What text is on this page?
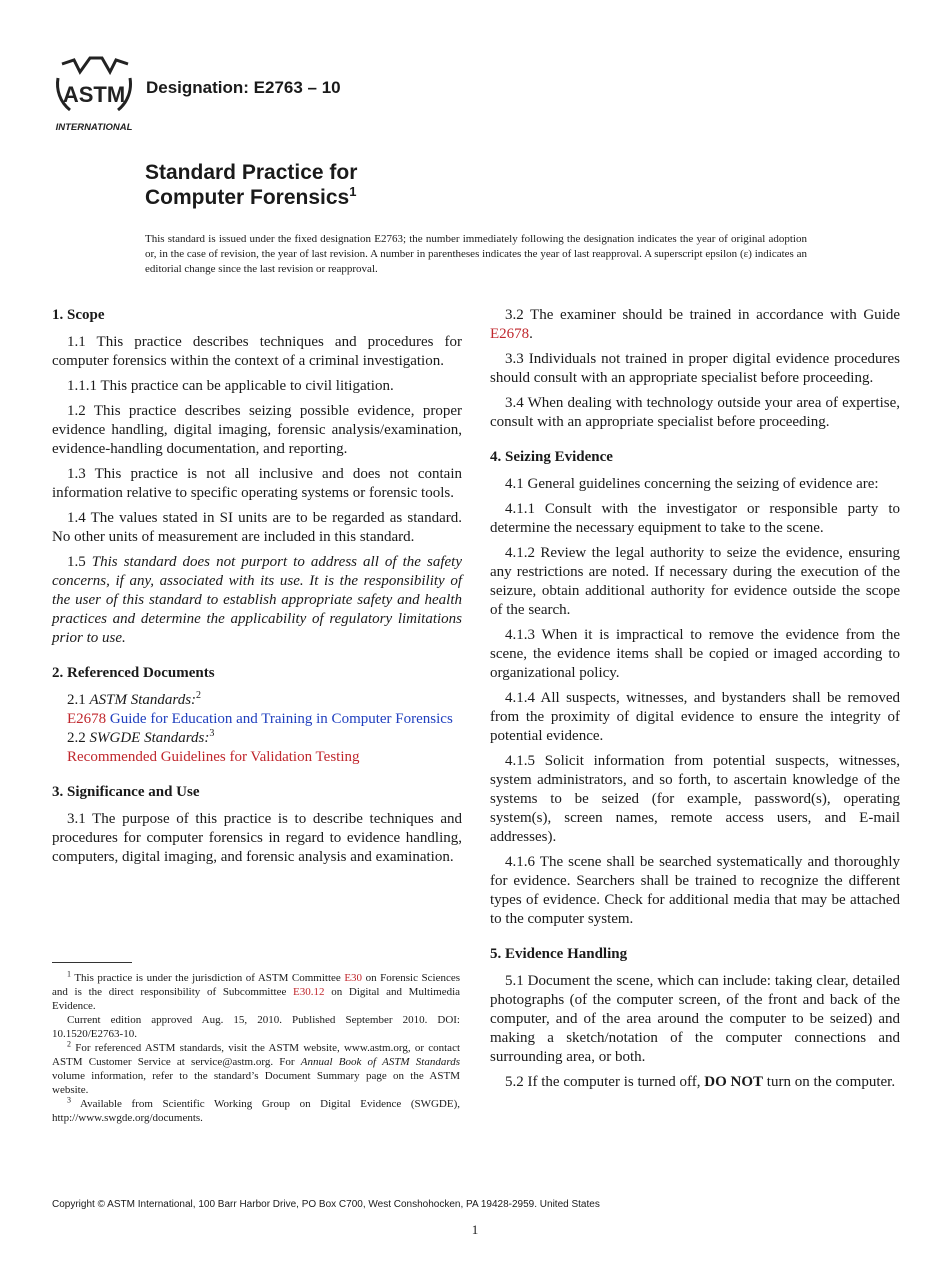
ASTM
INTERNATIONAL
Designation: E2763 – 10
Standard Practice for
Computer Forensics$^1$
This standard is issued under the fixed designation E2763; the number immediately following the designation indicates the year of original adoption or, in the case of revision, the year of last revision. A number in parentheses indicates the year of last reapproval. A superscript epsilon (ε) indicates an editorial change since the last revision or reapproval.
1. Scope

1.1 This practice describes techniques and procedures for computer forensics within the context of a criminal investigation.

1.1.1 This practice can be applicable to civil litigation.

1.2 This practice describes seizing possible evidence, proper evidence handling, digital imaging, forensic analysis/examination, evidence-handling documentation, and reporting.

1.3 This practice is not all inclusive and does not contain information relative to specific operating systems or forensic tools.

1.4 The values stated in SI units are to be regarded as standard. No other units of measurement are included in this standard.

1.5 This standard does not purport to address all of the safety concerns, if any, associated with its use. It is the responsibility of the user of this standard to establish appropriate safety and health practices and determine the applicability of regulatory limitations prior to use.

2. Referenced Documents

2.1 ASTM Standards:$^2$

E2678 Guide for Education and Training in Computer Forensics

2.2 SWGDE Standards:$^3$

Recommended Guidelines for Validation Testing

3. Significance and Use

3.1 The purpose of this practice is to describe techniques and procedures for computer forensics in regard to evidence handling, computers, digital imaging, and forensic analysis and examination.

3.2 The examiner should be trained in accordance with Guide E2678.

3.3 Individuals not trained in proper digital evidence procedures should consult with an appropriate specialist before proceeding.

3.4 When dealing with technology outside your area of expertise, consult with an appropriate specialist before proceeding.

4. Seizing Evidence

4.1 General guidelines concerning the seizing of evidence are:

4.1.1 Consult with the investigator or responsible party to determine the necessary equipment to take to the scene.

4.1.2 Review the legal authority to seize the evidence, ensuring any restrictions are noted. If necessary during the execution of the seizure, obtain additional authority for evidence outside the scope of the search.

4.1.3 When it is impractical to remove the evidence from the scene, the evidence items shall be copied or imaged according to organizational policy.

4.1.4 All suspects, witnesses, and bystanders shall be removed from the proximity of digital evidence to ensure the integrity of potential evidence.

4.1.5 Solicit information from potential suspects, witnesses, system administrators, and so forth, to ascertain knowledge of the systems to be seized (for example, password(s), operating system(s), screen names, remote access users, and E-mail addresses).

4.1.6 The scene shall be searched systematically and thoroughly for evidence. Searchers shall be trained to recognize the different types of evidence. Check for additional media that may be attached to the computer system.

5. Evidence Handling

5.1 Document the scene, which can include: taking clear, detailed photographs (of the computer screen, of the front and back of the computer, and of the area around the computer to be seized) and making a sketch/notation of the computer connections and surrounding area, or both.

5.2 If the computer is turned off, DO NOT turn on the computer.

$^1$ This practice is under the jurisdiction of ASTM Committee E30 on Forensic Sciences and is the direct responsibility of Subcommittee E30.12 on Digital and Multimedia Evidence.

Current edition approved Aug. 15, 2010. Published September 2010. DOI: 10.1520/E2763-10.

$^2$ For referenced ASTM standards, visit the ASTM website, www.astm.org, or contact ASTM Customer Service at service@astm.org. For Annual Book of ASTM Standards volume information, refer to the standard’s Document Summary page on the ASTM website.

$^3$ Available from Scientific Working Group on Digital Evidence (SWGDE), http://www.swgde.org/documents.

Copyright © ASTM International, 100 Barr Harbor Drive, PO Box C700, West Conshohocken, PA 19428-2959. United States
1
